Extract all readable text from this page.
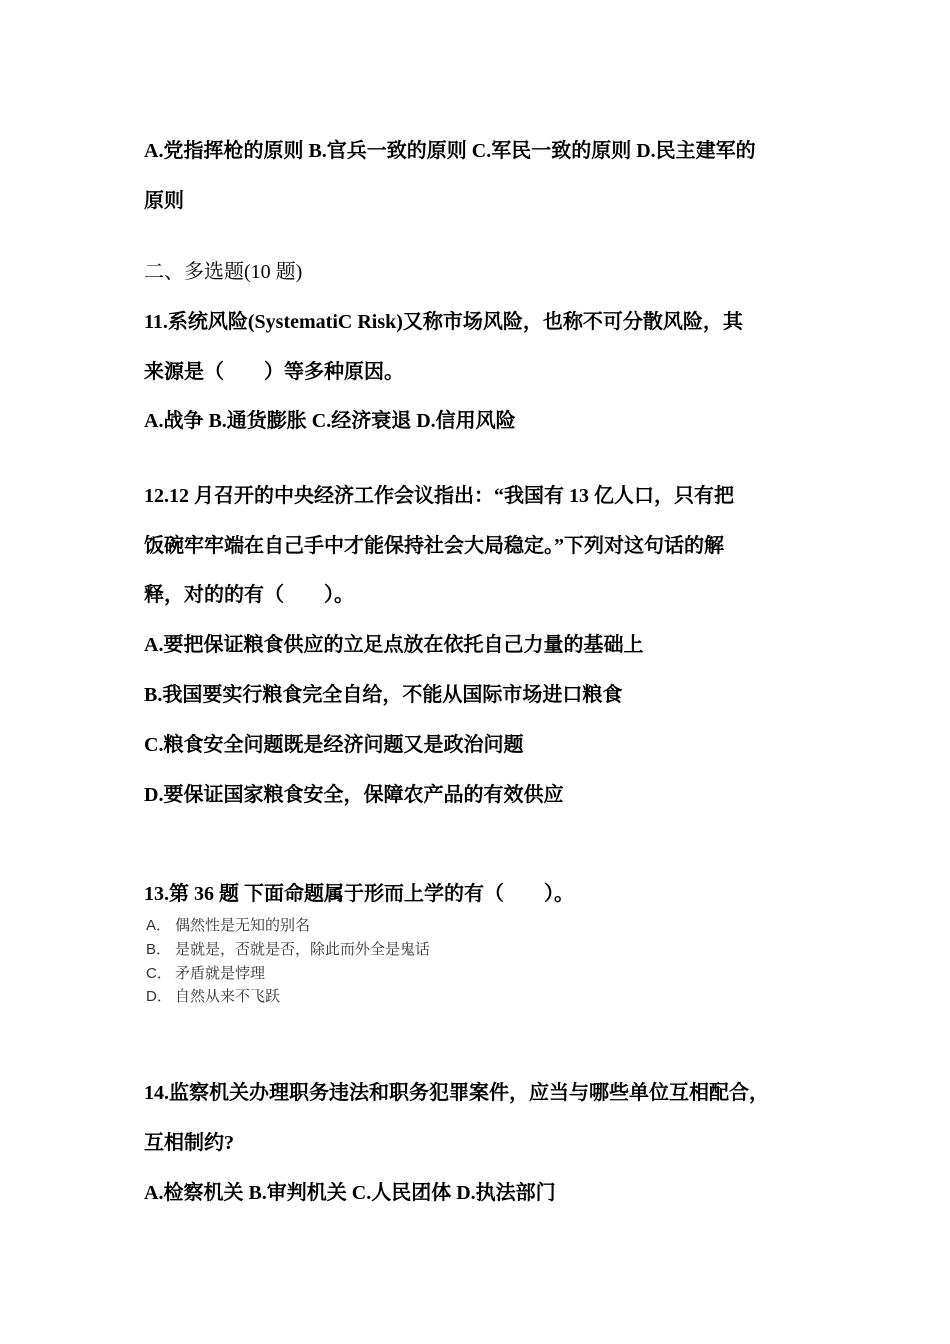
A.党指挥枪的原则 B.官兵一致的原则 C.军民一致的原则 D.民主建军的
原则
二、多选题(10 题)
11.系统风险(SystematiC Risk)又称市场风险，也称不可分散风险，其
来源是（　　）等多种原因。
A.战争 B.通货膨胀 C.经济衰退 D.信用风险
12.12 月召开的中央经济工作会议指出：“我国有 13 亿人口，只有把
饭碗牢牢端在自己手中才能保持社会大局稳定。”下列对这句话的解
释，对的的有（　　）。
A.要把保证粮食供应的立足点放在依托自己力量的基础上
B.我国要实行粮食完全自给，不能从国际市场进口粮食
C.粮食安全问题既是经济问题又是政治问题
D.要保证国家粮食安全，保障农产品的有效供应
13.第 36 题 下面命题属于形而上学的有（　　）。
A． 偶然性是无知的别名
B． 是就是，否就是否，除此而外全是鬼话
C． 矛盾就是悖理
D． 自然从来不飞跃
14.监察机关办理职务违法和职务犯罪案件，应当与哪些单位互相配合，
互相制约?
A.检察机关 B.审判机关 C.人民团体 D.执法部门
